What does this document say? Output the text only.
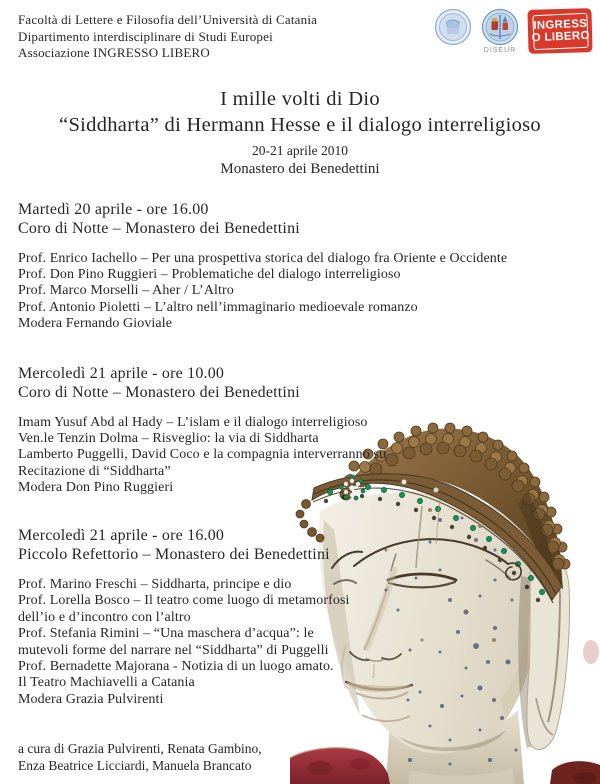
Facoltà di Lettere e Filosofia dell’Università di Catania
Dipartimento interdisciplinare di Studi Europei
Associazione INGRESSO LIBERO	DISEUR
INGRESS
O LIBERO
I mille volti di Dio
“Siddharta” di Hermann Hesse e il dialogo interreligioso
20-21 aprile 2010
Monastero dei Benedettini
Martedì 20 aprile - ore 16.00
Coro di Notte – Monastero dei Benedettini
Prof. Enrico Iachello – Per una prospettiva storica del dialogo fra Oriente e Occidente
Prof. Don Pino Ruggieri – Problematiche del dialogo interreligioso
Prof. Marco Morselli – Aher / L’Altro
Prof. Antonio Pioletti – L’altro nell’immaginario medioevale romanzo
Modera Fernando Gioviale
Mercoledì 21 aprile - ore 10.00
Coro di Notte – Monastero dei Benedettini
Imam Yusuf Abd al Hady – L’islam e il dialogo interreligioso
Ven.le Tenzin Dolma – Risveglio: la via di Siddharta
Lamberto Puggelli, David Coco e la compagnia interverranno su
Recitazione di “Siddharta”
Modera Don Pino Ruggieri
Mercoledì 21 aprile - ore 16.00
Piccolo Refettorio – Monastero dei Benedettini
Prof. Marino Freschi – Siddharta, principe e dio
Prof. Lorella Bosco – Il teatro come luogo di metamorfosi
dell’io e d’incontro con l’altro
Prof. Stefania Rimini – “Una maschera d’acqua”: le
mutevoli forme del narrare nel “Siddharta” di Puggelli
Prof. Bernadette Majorana - Notizia di un luogo amato.
Il Teatro Machiavelli a Catania
Modera Grazia Pulvirenti
a cura di Grazia Pulvirenti, Renata Gambino,
Enza Beatrice Licciardi, Manuela Brancato
